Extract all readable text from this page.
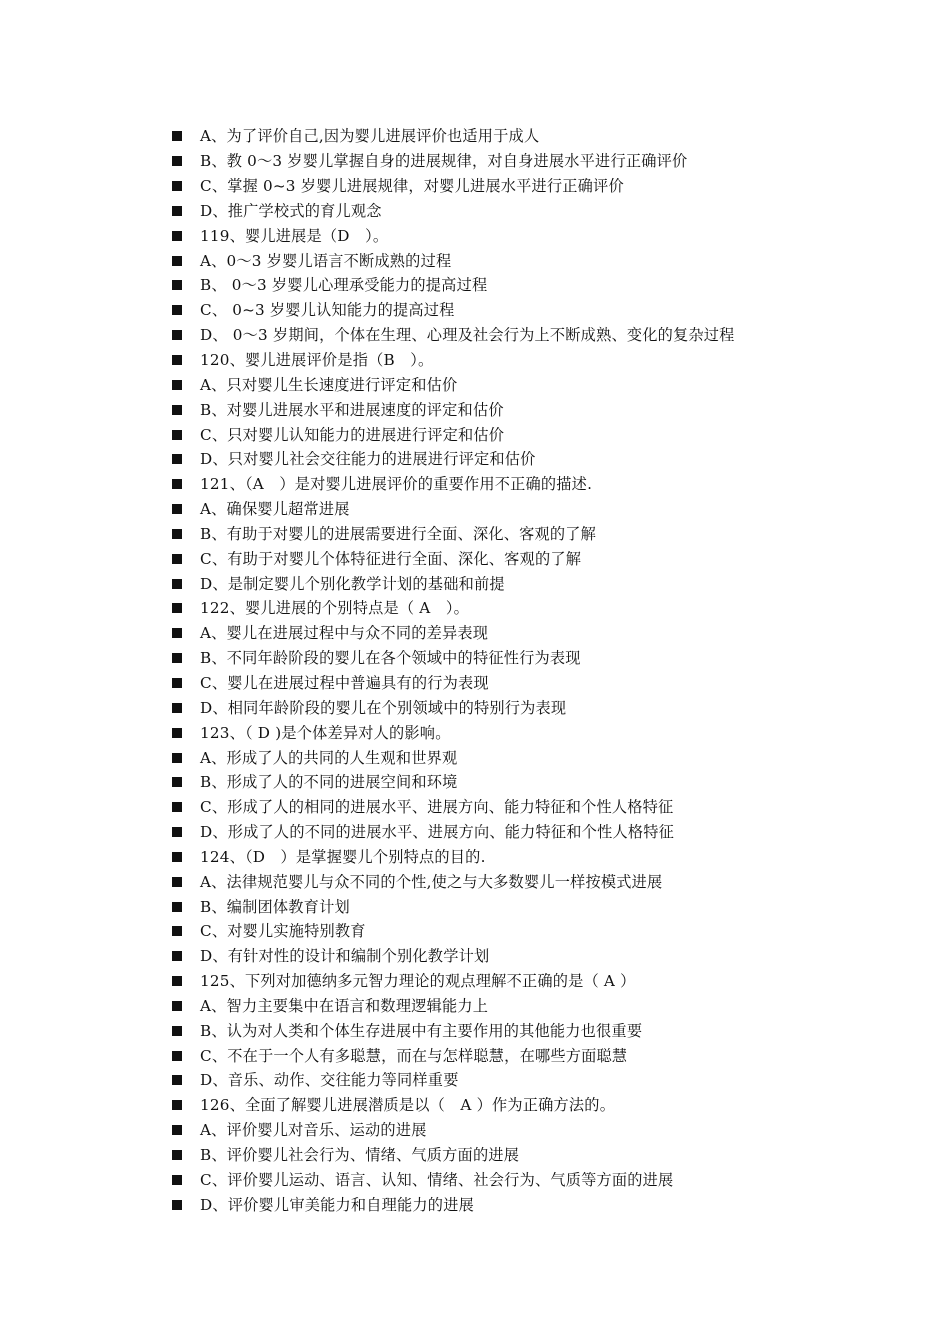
A、为了评价自己,因为婴儿进展评价也适用于成人
B、教 0～3 岁婴儿掌握自身的进展规律，对自身进展水平进行正确评价
C、掌握 0~3 岁婴儿进展规律，对婴儿进展水平进行正确评价
D、推广学校式的育儿观念
119、婴儿进展是（D　）。
A、0～3 岁婴儿语言不断成熟的过程
B、 0～3 岁婴儿心理承受能力的提高过程
C、 0~3 岁婴儿认知能力的提高过程
D、 0～3 岁期间，个体在生理、心理及社会行为上不断成熟、变化的复杂过程
120、婴儿进展评价是指（B　）。
A、只对婴儿生长速度进行评定和估价
B、对婴儿进展水平和进展速度的评定和估价
C、只对婴儿认知能力的进展进行评定和估价
D、只对婴儿社会交往能力的进展进行评定和估价
121、（A　）是对婴儿进展评价的重要作用不正确的描述.
A、确保婴儿超常进展
B、有助于对婴儿的进展需要进行全面、深化、客观的了解
C、有助于对婴儿个体特征进行全面、深化、客观的了解
D、是制定婴儿个别化教学计划的基础和前提
122、婴儿进展的个别特点是（ A　）。
A、婴儿在进展过程中与众不同的差异表现
B、不同年龄阶段的婴儿在各个领域中的特征性行为表现
C、婴儿在进展过程中普遍具有的行为表现
D、相同年龄阶段的婴儿在个别领域中的特别行为表现
123、（ D )是个体差异对人的影响。
A、形成了人的共同的人生观和世界观
B、形成了人的不同的进展空间和环境
C、形成了人的相同的进展水平、进展方向、能力特征和个性人格特征
D、形成了人的不同的进展水平、进展方向、能力特征和个性人格特征
124、（D　）是掌握婴儿个别特点的目的.
A、法律规范婴儿与众不同的个性,使之与大多数婴儿一样按模式进展
B、编制团体教育计划
C、对婴儿实施特别教育
D、有针对性的设计和编制个别化教学计划
125、下列对加德纳多元智力理论的观点理解不正确的是（ A ）
A、智力主要集中在语言和数理逻辑能力上
B、认为对人类和个体生存进展中有主要作用的其他能力也很重要
C、不在于一个人有多聪慧，而在与怎样聪慧，在哪些方面聪慧
D、音乐、动作、交往能力等同样重要
126、全面了解婴儿进展潜质是以（　A ）作为正确方法的。
A、评价婴儿对音乐、运动的进展
B、评价婴儿社会行为、情绪、气质方面的进展
C、评价婴儿运动、语言、认知、情绪、社会行为、气质等方面的进展
D、评价婴儿审美能力和自理能力的进展
